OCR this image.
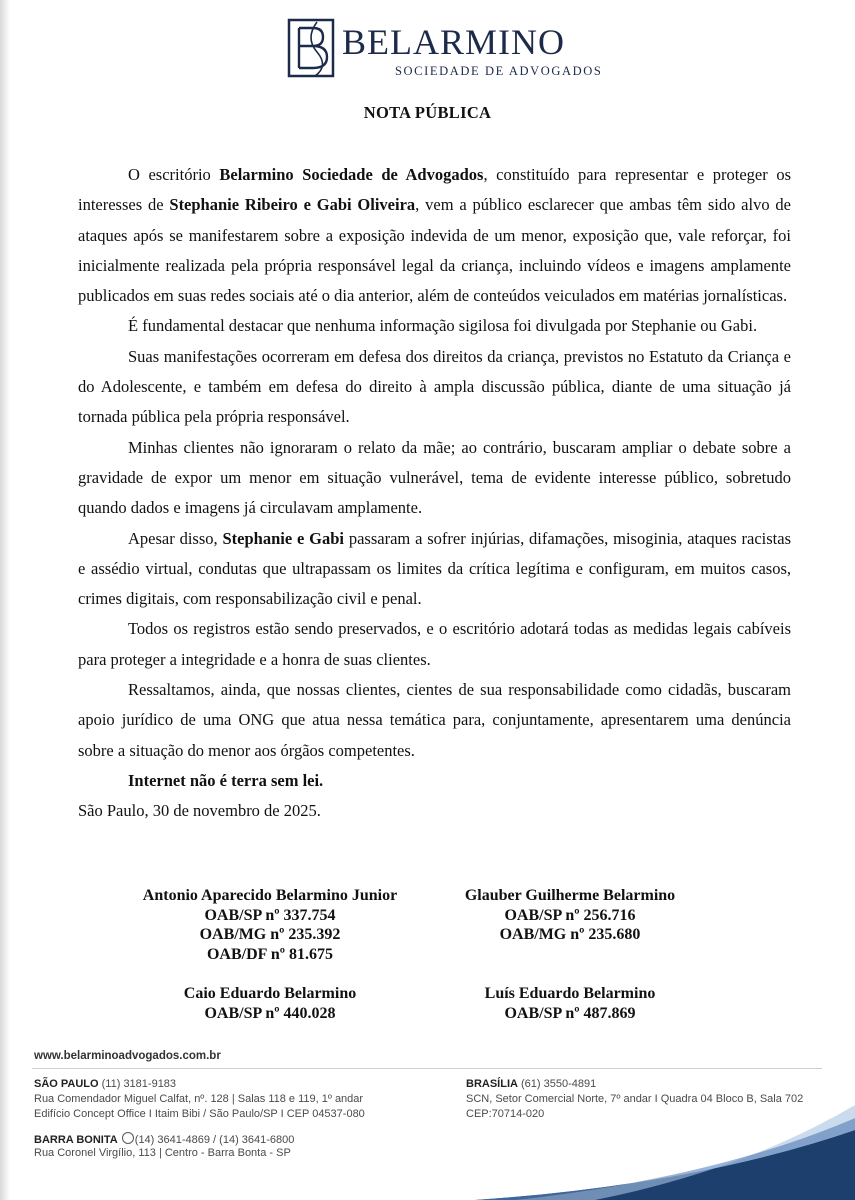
BELARMINO
SOCIEDADE DE ADVOGADOS
NOTA PÚBLICA

O escritório Belarmino Sociedade de Advogados, constituído para representar e proteger os interesses de Stephanie Ribeiro e Gabi Oliveira, vem a público esclarecer que ambas têm sido alvo de ataques após se manifestarem sobre a exposição indevida de um menor, exposição que, vale reforçar, foi inicialmente realizada pela própria responsável legal da criança, incluindo vídeos e imagens amplamente publicados em suas redes sociais até o dia anterior, além de conteúdos veiculados em matérias jornalísticas.

É fundamental destacar que nenhuma informação sigilosa foi divulgada por Stephanie ou Gabi.

Suas manifestações ocorreram em defesa dos direitos da criança, previstos no Estatuto da Criança e do Adolescente, e também em defesa do direito à ampla discussão pública, diante de uma situação já tornada pública pela própria responsável.

Minhas clientes não ignoraram o relato da mãe; ao contrário, buscaram ampliar o debate sobre a gravidade de expor um menor em situação vulnerável, tema de evidente interesse público, sobretudo quando dados e imagens já circulavam amplamente.

Apesar disso, Stephanie e Gabi passaram a sofrer injúrias, difamações, misoginia, ataques racistas e assédio virtual, condutas que ultrapassam os limites da crítica legítima e configuram, em muitos casos, crimes digitais, com responsabilização civil e penal.

Todos os registros estão sendo preservados, e o escritório adotará todas as medidas legais cabíveis para proteger a integridade e a honra de suas clientes.

Ressaltamos, ainda, que nossas clientes, cientes de sua responsabilidade como cidadãs, buscaram apoio jurídico de uma ONG que atua nessa temática para, conjuntamente, apresentarem uma denúncia sobre a situação do menor aos órgãos competentes.

Internet não é terra sem lei.

São Paulo, 30 de novembro de 2025.

Antonio Aparecido Belarmino Junior
OAB/SP nº 337.754
OAB/MG nº 235.392
OAB/DF nº 81.675
Glauber Guilherme Belarmino
OAB/SP nº 256.716
OAB/MG nº 235.680
Caio Eduardo Belarmino
OAB/SP nº 440.028
Luís Eduardo Belarmino
OAB/SP nº 487.869
www.belarminoadvogados.com.br
SÃO PAULO (11) 3181-9183
Rua Comendador Miguel Calfat, nº. 128 | Salas 118 e 119, 1º andar
Edifício Concept Office I Itaim Bibi / São Paulo/SP I CEP 04537-080
BRASÍLIA (61) 3550-4891
SCN, Setor Comercial Norte, 7º andar I Quadra 04 Bloco B, Sala 702
CEP:70714-020
BARRA BONITA (14) 3641-4869 / (14) 3641-6800
Rua Coronel Virgílio, 113 | Centro - Barra Bonta - SP
